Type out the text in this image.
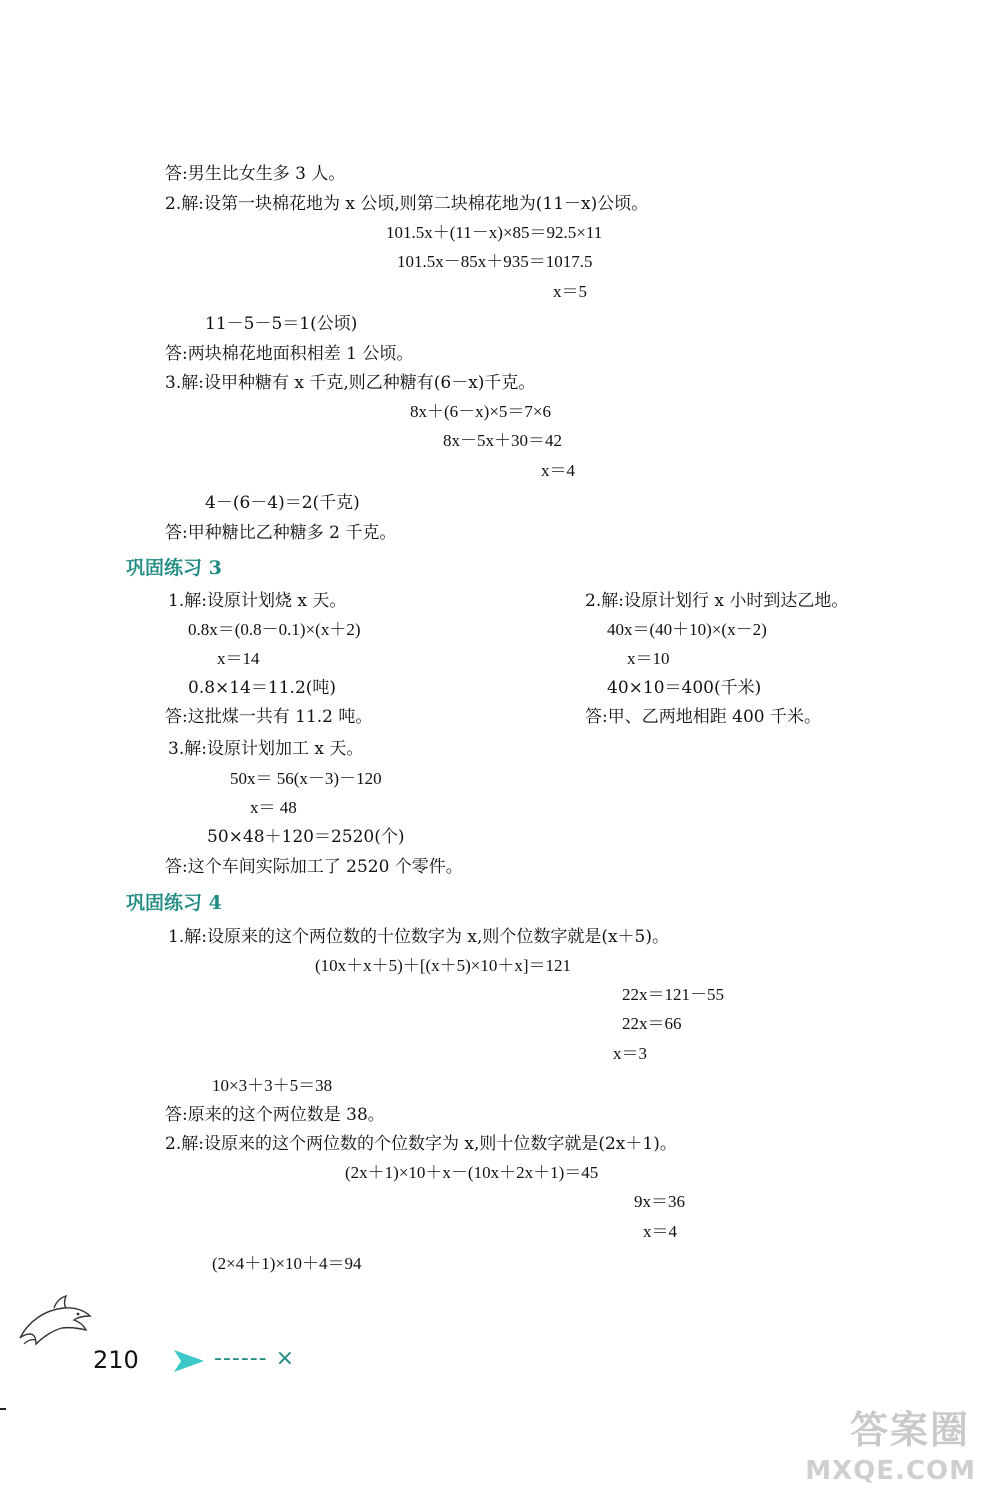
答:男生比女生多 3 人。
2.解:设第一块棉花地为 x 公顷,则第二块棉花地为(11－x)公顷。
101.5x＋(11－x)×85＝92.5×11
101.5x－85x＋935＝1017.5
x＝5
11－5－5＝1(公顷)
答:两块棉花地面积相差 1 公顷。
3.解:设甲种糖有 x 千克,则乙种糖有(6－x)千克。
8x＋(6－x)×5＝7×6
8x－5x＋30＝42
x＝4
4－(6－4)＝2(千克)
答:甲种糖比乙种糖多 2 千克。
1.解:设原计划烧 x 天。
0.8x＝(0.8－0.1)×(x＋2)
x＝14
0.8×14＝11.2(吨)
答:这批煤一共有 11.2 吨。
2.解:设原计划行 x 小时到达乙地。
40x＝(40＋10)×(x－2)
x＝10
40×10＝400(千米)
答:甲、乙两地相距 400 千米。
3.解:设原计划加工 x 天。
50x＝ 56(x－3)－120
x＝ 48
50×48＋120＝2520(个)
答:这个车间实际加工了 2520 个零件。
1.解:设原来的这个两位数的十位数字为 x,则个位数字就是(x＋5)。
(10x＋x＋5)＋[(x＋5)×10＋x]＝121
22x＝121－55
22x＝66
x＝3
10×3＋3＋5＝38
答:原来的这个两位数是 38。
2.解:设原来的这个两位数的个位数字为 x,则十位数字就是(2x＋1)。
(2x＋1)×10＋x－(10x＋2x＋1)＝45
9x＝36
x＝4
(2×4＋1)×10＋4＝94
巩固练习 3
巩固练习 4
210	------ ×
答案圈
MXQE.COM
